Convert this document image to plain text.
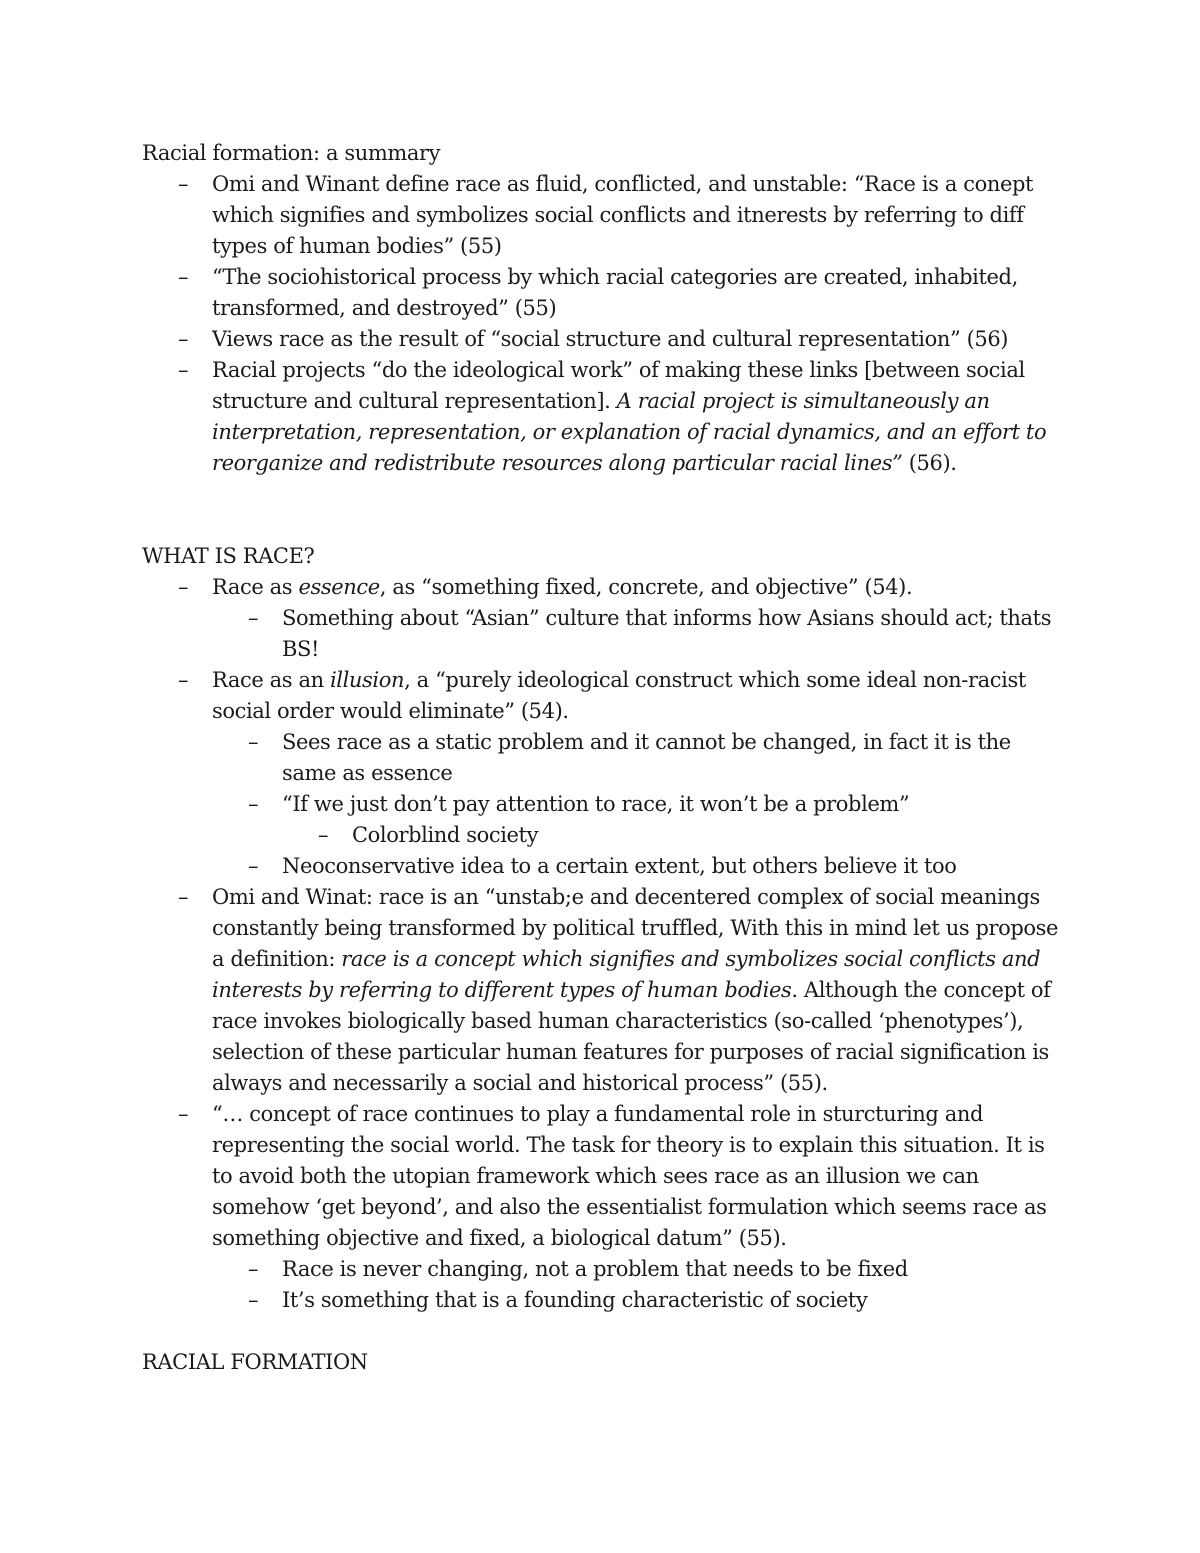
Racial formation: a summary

–	Omi and Winant define race as fluid, conflicted, and unstable: “Race is a conept which signifies and symbolizes social conflicts and itnerests by referring to diff types of human bodies” (55)
–	“The sociohistorical process by which racial categories are created, inhabited, transformed, and destroyed” (55)
–	Views race as the result of “social structure and cultural representation” (56)
–	Racial projects “do the ideological work” of making these links [between social structure and cultural representation]. A racial project is simultaneously an interpretation, representation, or explanation of racial dynamics, and an effort to reorganize and redistribute resources along particular racial lines” (56).

WHAT IS RACE?

–	Race as essence, as “something fixed, concrete, and objective” (54).
–	Something about “Asian” culture that informs how Asians should act; thats BS!
–	Race as an illusion, a “purely ideological construct which some ideal non-racist social order would eliminate” (54).
–	Sees race as a static problem and it cannot be changed, in fact it is the same as essence
–	“If we just don’t pay attention to race, it won’t be a problem”
–	Colorblind society
–	Neoconservative idea to a certain extent, but others believe it too
–	Omi and Winat: race is an “unstab;e and decentered complex of social meanings constantly being transformed by political truffled, With this in mind let us propose a definition: race is a concept which signifies and symbolizes social conflicts and interests by referring to different types of human bodies. Although the concept of race invokes biologically based human characteristics (so-called ‘phenotypes’), selection of these particular human features for purposes of racial signification is always and necessarily a social and historical process” (55).
–	“… concept of race continues to play a fundamental role in sturcturing and representing the social world. The task for theory is to explain this situation. It is to avoid both the utopian framework which sees race as an illusion we can somehow ‘get beyond’, and also the essentialist formulation which seems race as something objective and fixed, a biological datum” (55).
–	Race is never changing, not a problem that needs to be fixed
–	It’s something that is a founding characteristic of society

RACIAL FORMATION
